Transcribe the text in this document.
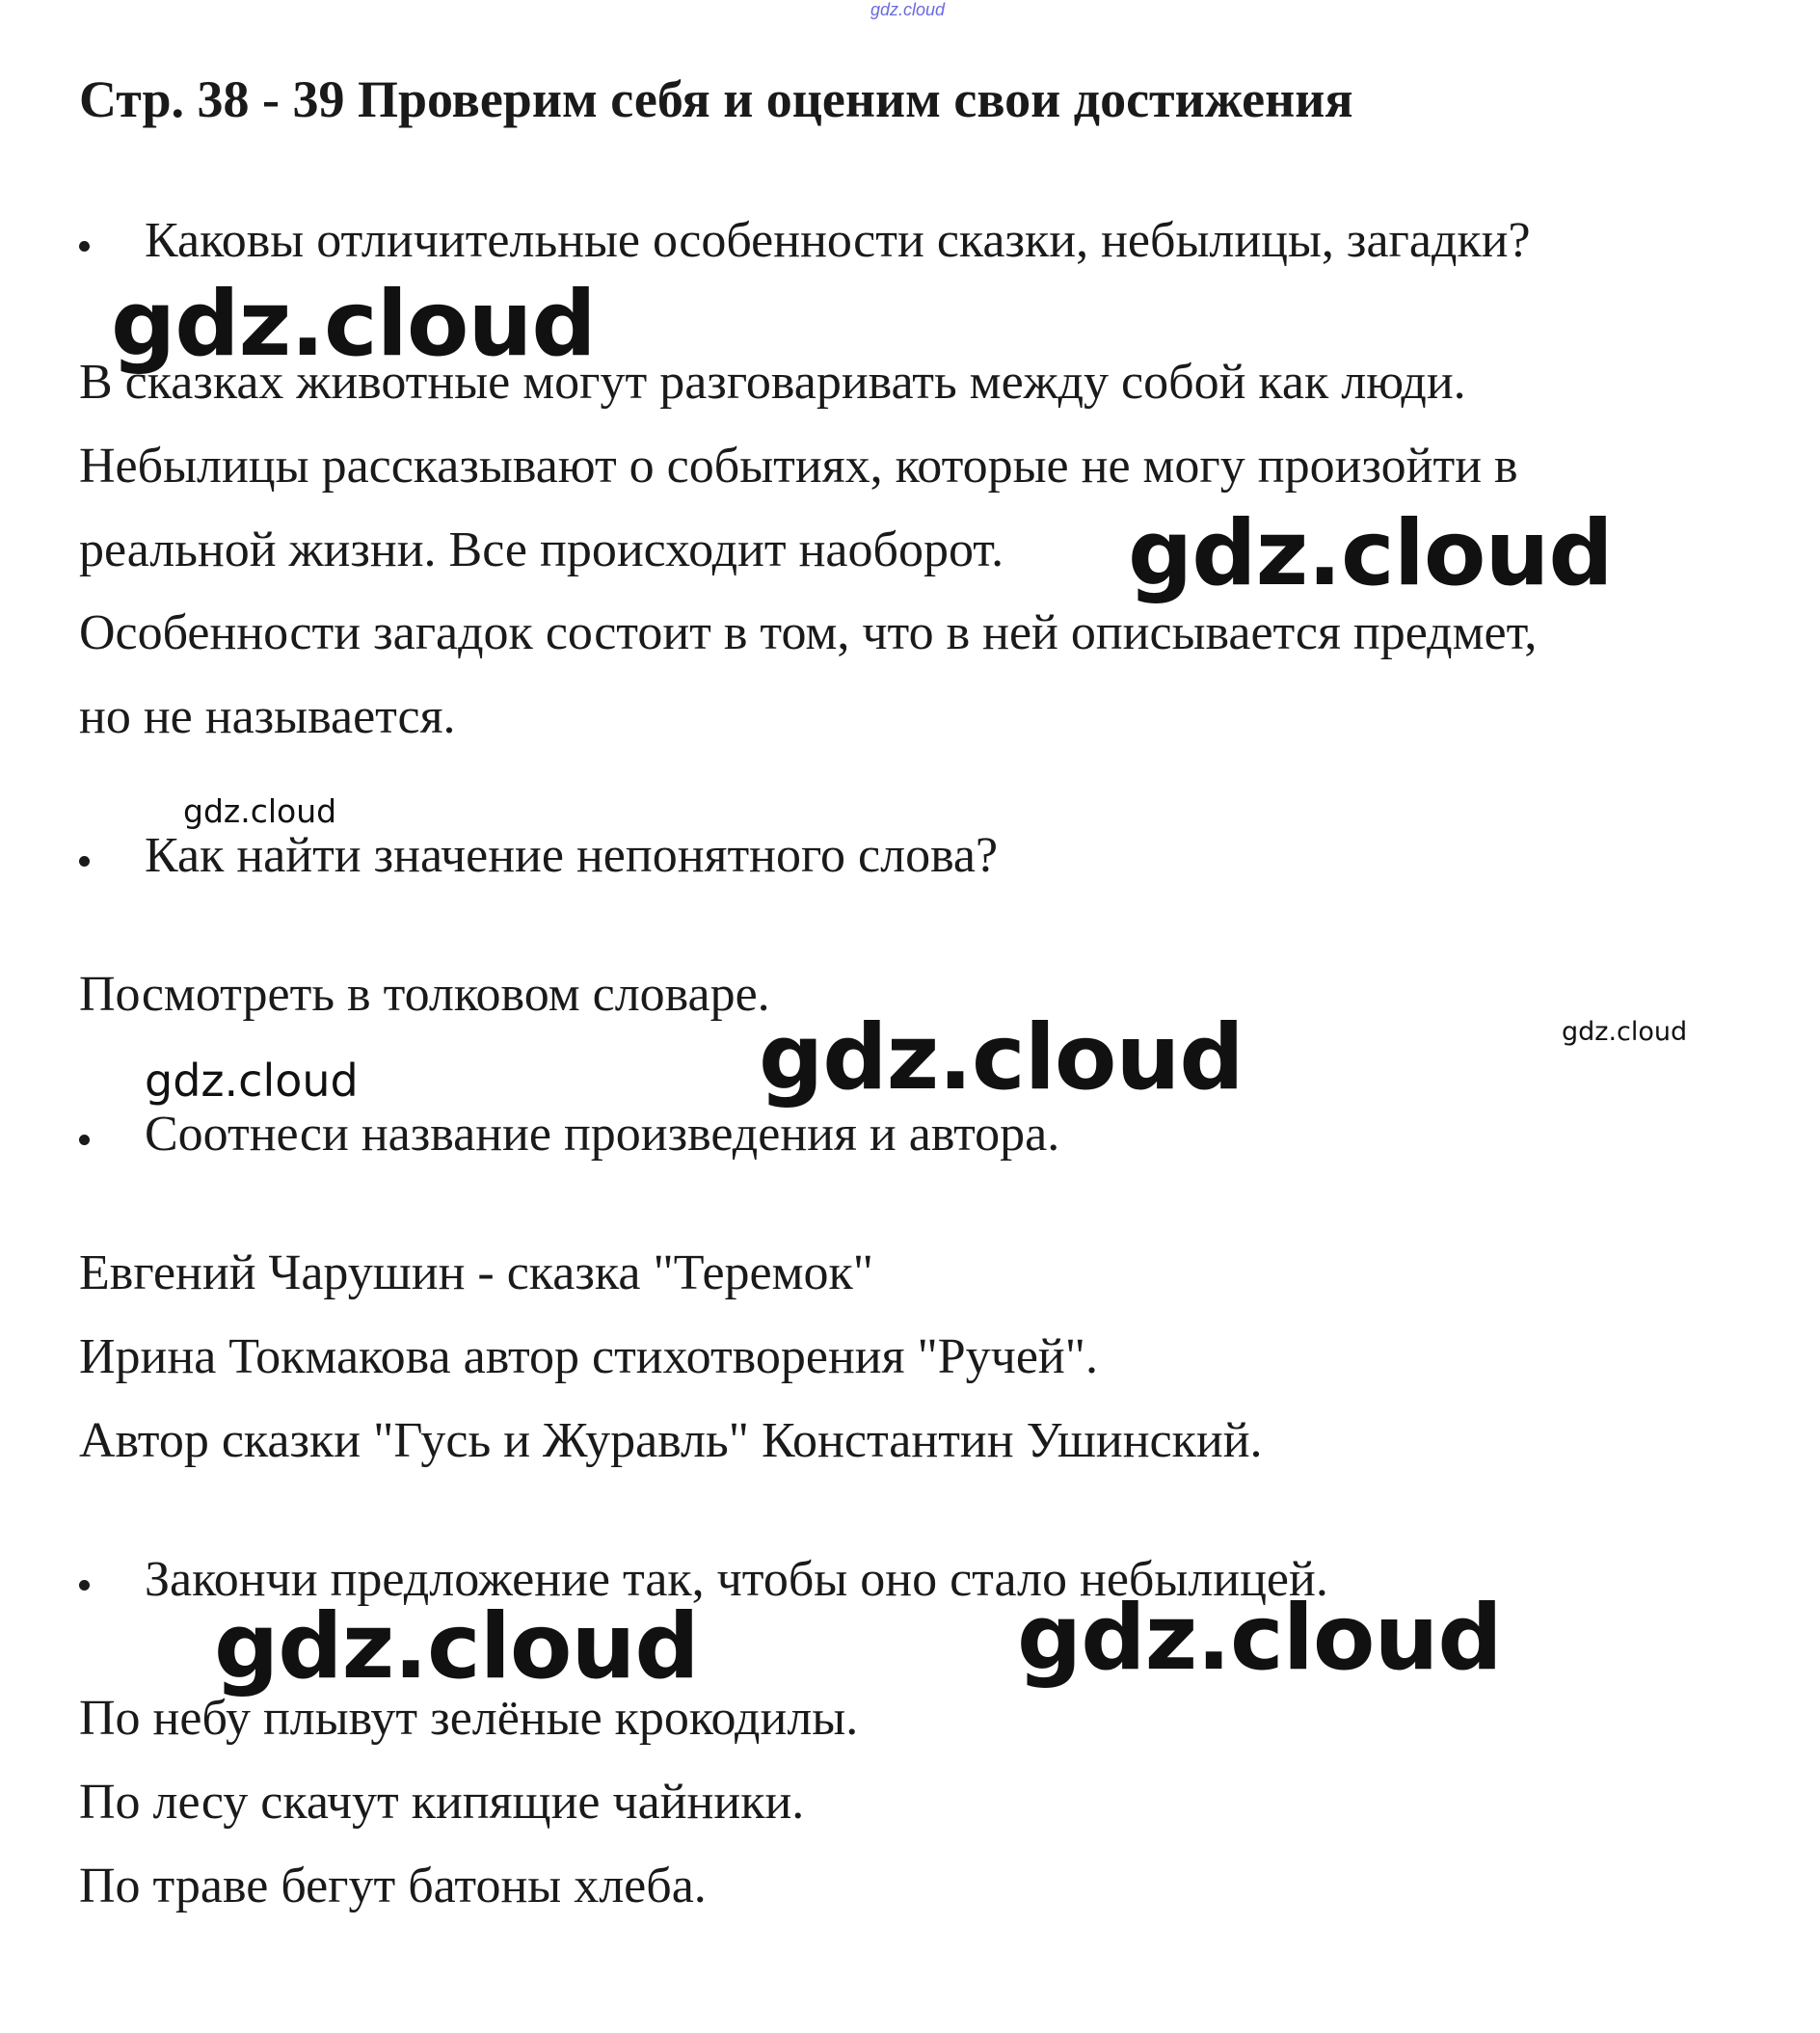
gdz.cloud
Стр. 38 - 39 Проверим себя и оценим свои достижения
Каковы отличительные особенности сказки, небылицы, загадки?
В сказках животные могут разговаривать между собой как люди.
Небылицы рассказывают о событиях, которые не могу произойти в
реальной жизни. Все происходит наоборот.
Особенности загадок состоит в том, что в ней описывается предмет,
но не называется.
Как найти значение непонятного слова?
Посмотреть в толковом словаре.
Соотнеси название произведения и автора.
Евгений Чарушин - сказка "Теремок"
Ирина Токмакова автор стихотворения "Ручей".
Автор сказки "Гусь и Журавль" Константин Ушинский.
Закончи предложение так, чтобы оно стало небылицей.
По небу плывут зелёные крокодилы.
По лесу скачут кипящие чайники.
По траве бегут батоны хлеба.
gdz.cloud
gdz.cloud
gdz.cloud
gdz.cloud	gdz.cloud
gdz.cloud
gdz.cloud	gdz.cloud
